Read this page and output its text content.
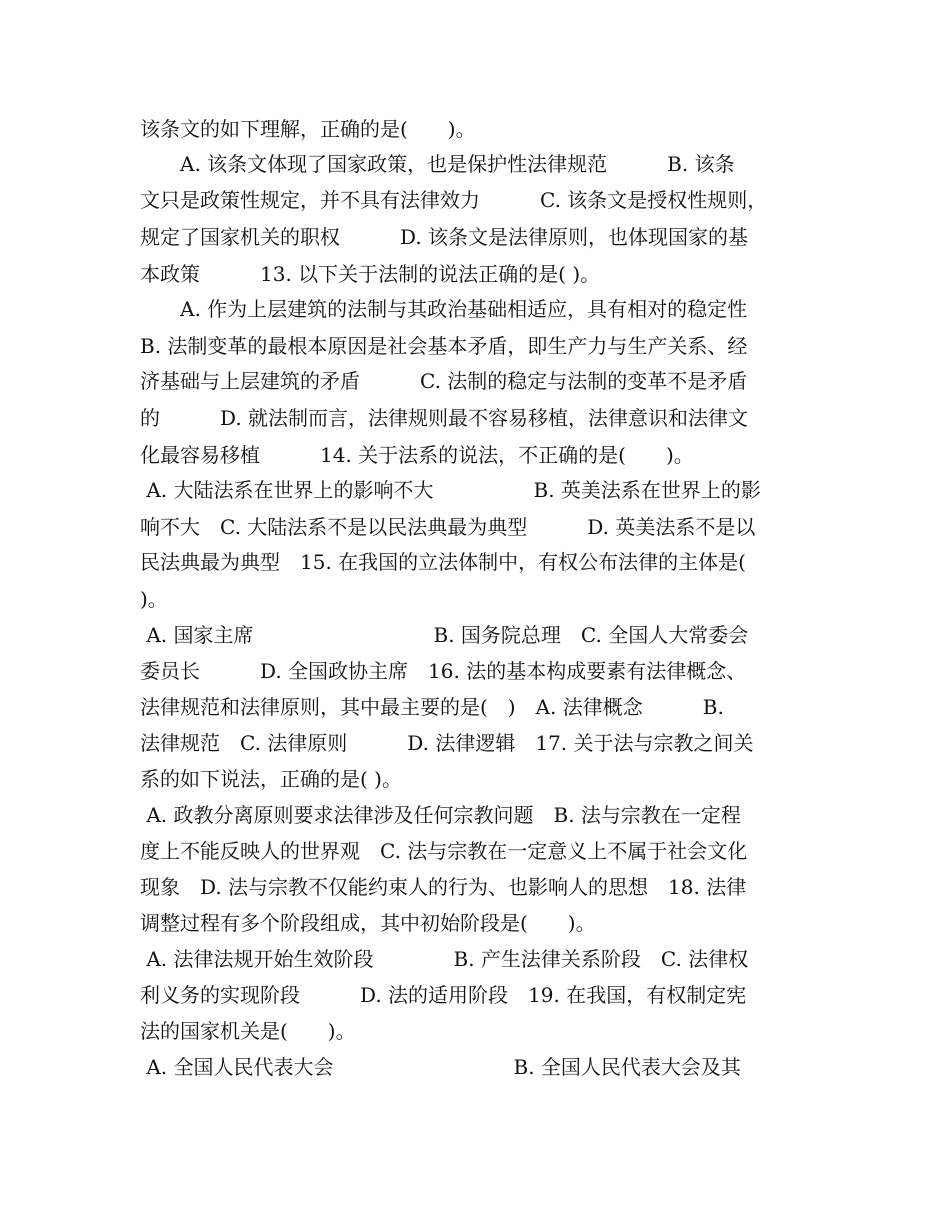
该条文的如下理解，正确的是(　　)。
　　A. 该条文体现了国家政策，也是保护性法律规范　　　B. 该条
文只是政策性规定，并不具有法律效力　　　C. 该条文是授权性规则，
规定了国家机关的职权　　　D. 该条文是法律原则，也体现国家的基
本政策　　　13. 以下关于法制的说法正确的是( )。
　　A. 作为上层建筑的法制与其政治基础相适应，具有相对的稳定性
B. 法制变革的最根本原因是社会基本矛盾，即生产力与生产关系、经
济基础与上层建筑的矛盾　　　C. 法制的稳定与法制的变革不是矛盾
的　　　D. 就法制而言，法律规则最不容易移植，法律意识和法律文
化最容易移植　　　14. 关于法系的说法，不正确的是(　　)。
A. 大陆法系在世界上的影响不大　　　　　B. 英美法系在世界上的影
响不大　C. 大陆法系不是以民法典最为典型　　　D. 英美法系不是以
民法典最为典型　15. 在我国的立法体制中，有权公布法律的主体是(
)。
A. 国家主席　　　　　　　　　B. 国务院总理　C. 全国人大常委会
委员长　　　D. 全国政协主席　16. 法的基本构成要素有法律概念、
法律规范和法律原则，其中最主要的是(　)　A. 法律概念　　　B.
法律规范　C. 法律原则　　　D. 法律逻辑　17. 关于法与宗教之间关
系的如下说法，正确的是( )。
A. 政教分离原则要求法律涉及任何宗教问题　B. 法与宗教在一定程
度上不能反映人的世界观　C. 法与宗教在一定意义上不属于社会文化
现象　D. 法与宗教不仅能约束人的行为、也影响人的思想　18. 法律
调整过程有多个阶段组成，其中初始阶段是(　　)。
A. 法律法规开始生效阶段　　　　B. 产生法律关系阶段　C. 法律权
利义务的实现阶段　　　D. 法的适用阶段　19. 在我国，有权制定宪
法的国家机关是(　　)。
A. 全国人民代表大会　　　　　　　　　B. 全国人民代表大会及其
